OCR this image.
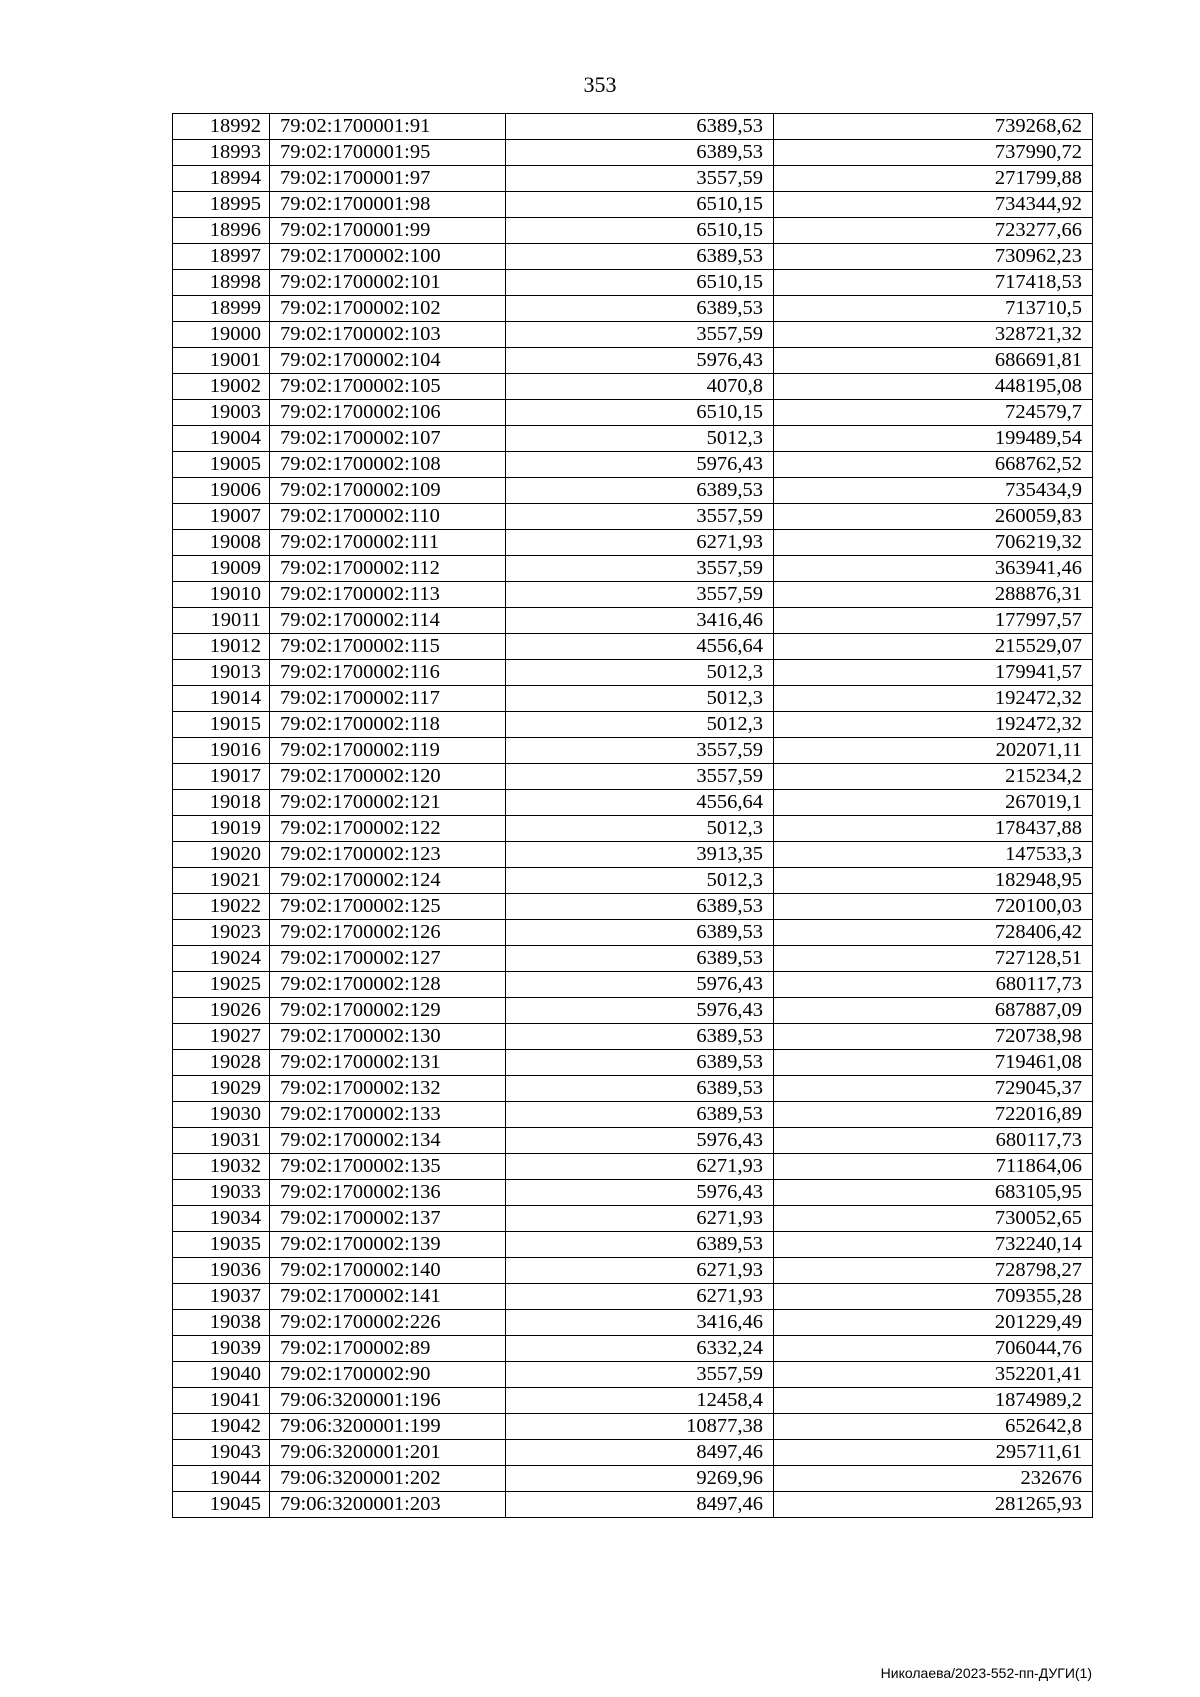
353
18992	79:02:1700001:91	6389,53	739268,62
18993	79:02:1700001:95	6389,53	737990,72
18994	79:02:1700001:97	3557,59	271799,88
18995	79:02:1700001:98	6510,15	734344,92
18996	79:02:1700001:99	6510,15	723277,66
18997	79:02:1700002:100	6389,53	730962,23
18998	79:02:1700002:101	6510,15	717418,53
18999	79:02:1700002:102	6389,53	713710,5
19000	79:02:1700002:103	3557,59	328721,32
19001	79:02:1700002:104	5976,43	686691,81
19002	79:02:1700002:105	4070,8	448195,08
19003	79:02:1700002:106	6510,15	724579,7
19004	79:02:1700002:107	5012,3	199489,54
19005	79:02:1700002:108	5976,43	668762,52
19006	79:02:1700002:109	6389,53	735434,9
19007	79:02:1700002:110	3557,59	260059,83
19008	79:02:1700002:111	6271,93	706219,32
19009	79:02:1700002:112	3557,59	363941,46
19010	79:02:1700002:113	3557,59	288876,31
19011	79:02:1700002:114	3416,46	177997,57
19012	79:02:1700002:115	4556,64	215529,07
19013	79:02:1700002:116	5012,3	179941,57
19014	79:02:1700002:117	5012,3	192472,32
19015	79:02:1700002:118	5012,3	192472,32
19016	79:02:1700002:119	3557,59	202071,11
19017	79:02:1700002:120	3557,59	215234,2
19018	79:02:1700002:121	4556,64	267019,1
19019	79:02:1700002:122	5012,3	178437,88
19020	79:02:1700002:123	3913,35	147533,3
19021	79:02:1700002:124	5012,3	182948,95
19022	79:02:1700002:125	6389,53	720100,03
19023	79:02:1700002:126	6389,53	728406,42
19024	79:02:1700002:127	6389,53	727128,51
19025	79:02:1700002:128	5976,43	680117,73
19026	79:02:1700002:129	5976,43	687887,09
19027	79:02:1700002:130	6389,53	720738,98
19028	79:02:1700002:131	6389,53	719461,08
19029	79:02:1700002:132	6389,53	729045,37
19030	79:02:1700002:133	6389,53	722016,89
19031	79:02:1700002:134	5976,43	680117,73
19032	79:02:1700002:135	6271,93	711864,06
19033	79:02:1700002:136	5976,43	683105,95
19034	79:02:1700002:137	6271,93	730052,65
19035	79:02:1700002:139	6389,53	732240,14
19036	79:02:1700002:140	6271,93	728798,27
19037	79:02:1700002:141	6271,93	709355,28
19038	79:02:1700002:226	3416,46	201229,49
19039	79:02:1700002:89	6332,24	706044,76
19040	79:02:1700002:90	3557,59	352201,41
19041	79:06:3200001:196	12458,4	1874989,2
19042	79:06:3200001:199	10877,38	652642,8
19043	79:06:3200001:201	8497,46	295711,61
19044	79:06:3200001:202	9269,96	232676
19045	79:06:3200001:203	8497,46	281265,93
Николаева/2023-552-пп-ДУГИ(1)
